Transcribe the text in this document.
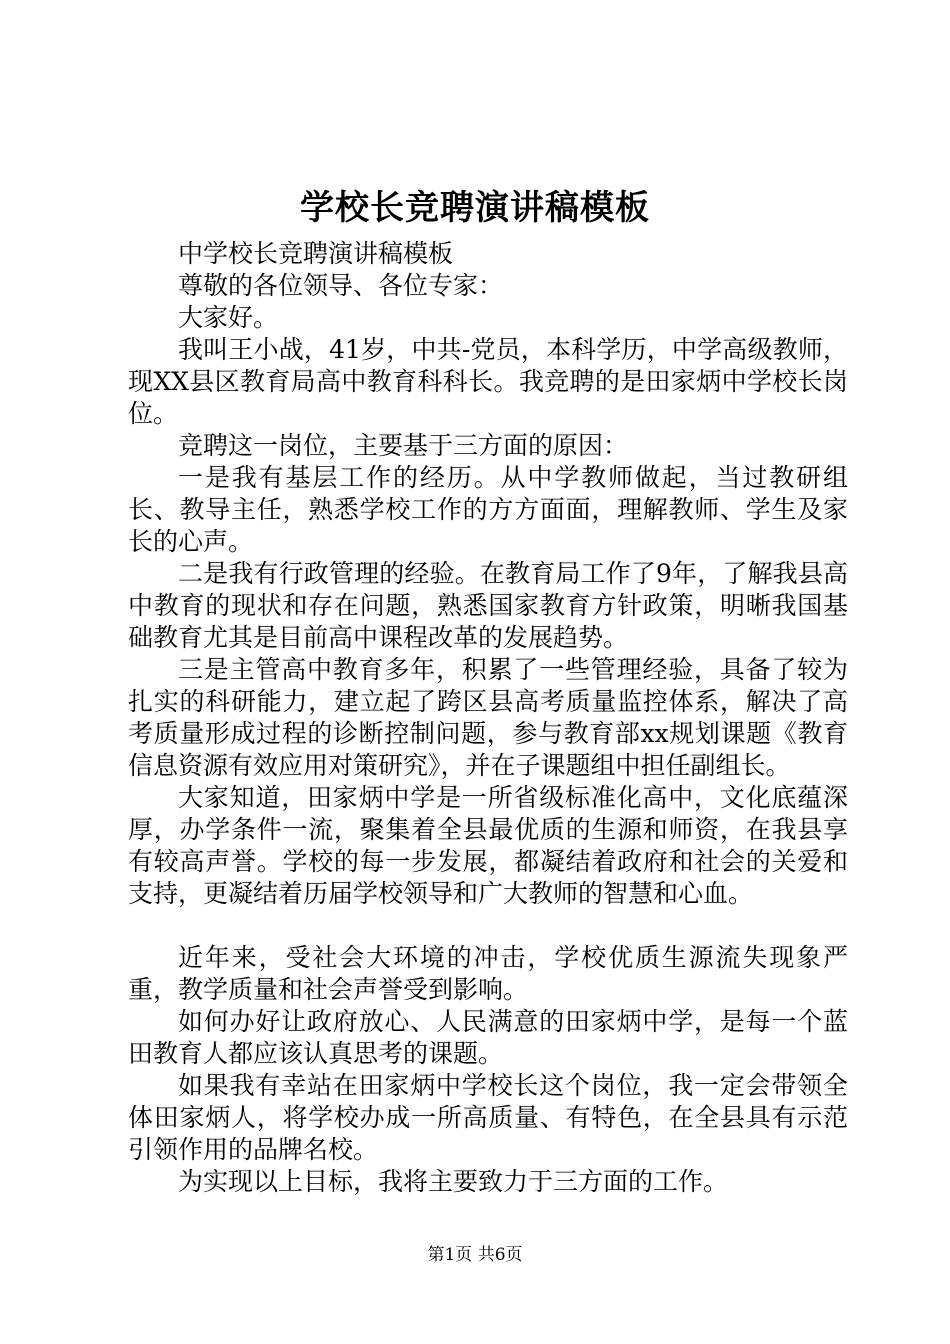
学校长竞聘演讲稿模板

中学校长竞聘演讲稿模板

尊敬的各位领导、各位专家：

大家好。

我叫王小战，41岁，中共-党员，本科学历，中学高级教师，现XX县区教育局高中教育科科长。我竞聘的是田家炳中学校长岗位。

竞聘这一岗位，主要基于三方面的原因：

一是我有基层工作的经历。从中学教师做起，当过教研组长、教导主任，熟悉学校工作的方方面面，理解教师、学生及家长的心声。

二是我有行政管理的经验。在教育局工作了9年，了解我县高中教育的现状和存在问题，熟悉国家教育方针政策，明晰我国基础教育尤其是目前高中课程改革的发展趋势。

三是主管高中教育多年，积累了一些管理经验，具备了较为扎实的科研能力，建立起了跨区县高考质量监控体系，解决了高考质量形成过程的诊断控制问题，参与教育部xx规划课题《教育信息资源有效应用对策研究》，并在子课题组中担任副组长。

大家知道，田家炳中学是一所省级标准化高中，文化底蕴深厚，办学条件一流，聚集着全县最优质的生源和师资，在我县享有较高声誉。学校的每一步发展，都凝结着政府和社会的关爱和支持，更凝结着历届学校领导和广大教师的智慧和心血。

近年来，受社会大环境的冲击，学校优质生源流失现象严重，教学质量和社会声誉受到影响。

如何办好让政府放心、人民满意的田家炳中学，是每一个蓝田教育人都应该认真思考的课题。

如果我有幸站在田家炳中学校长这个岗位，我一定会带领全体田家炳人，将学校办成一所高质量、有特色，在全县具有示范引领作用的品牌名校。

为实现以上目标，我将主要致力于三方面的工作。

第1页 共6页
